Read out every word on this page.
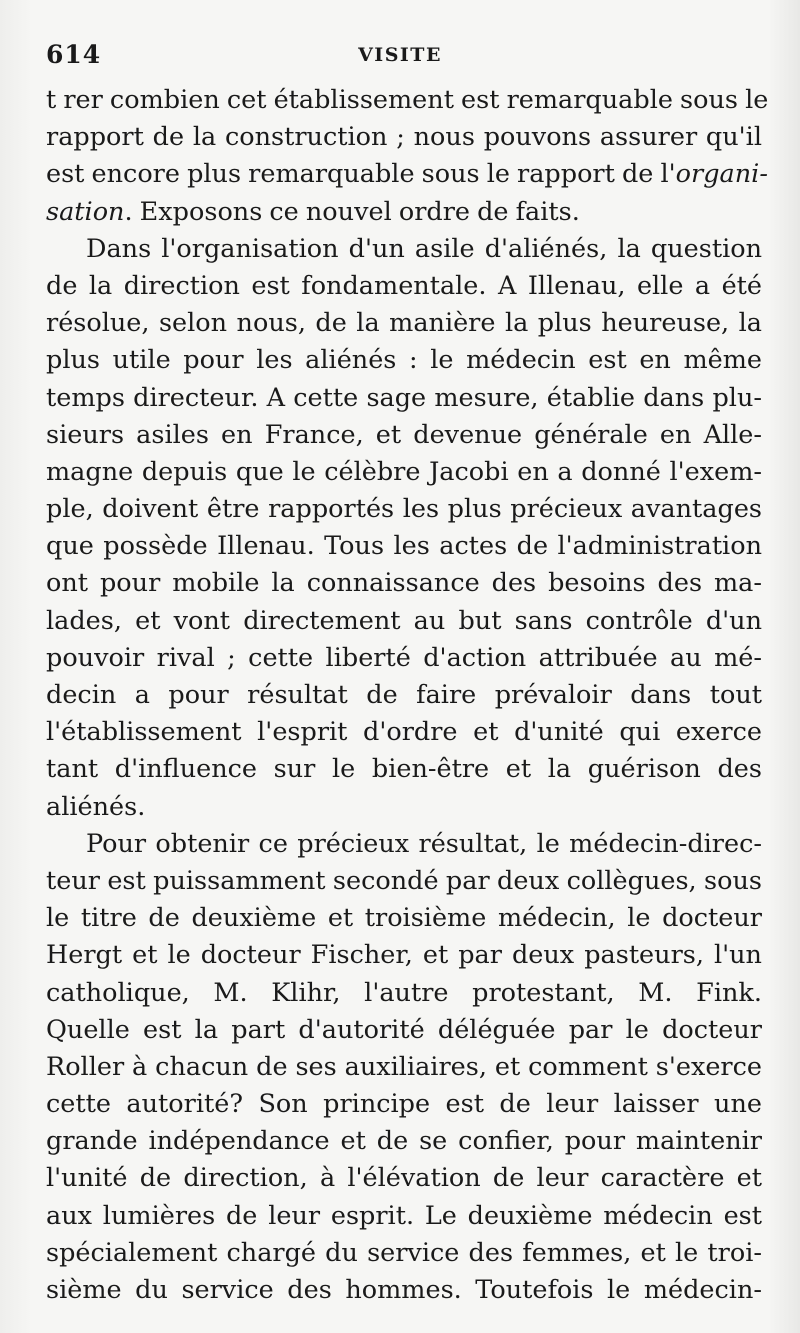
614	VISITE
t rer combien cet établissement est remarquable sous le
rapport de la construction ; nous pouvons assurer qu'il
est encore plus remarquable sous le rapport de l'organi-
sation. Exposons ce nouvel ordre de faits.
Dans l'organisation d'un asile d'aliénés, la question
de la direction est fondamentale. A Illenau, elle a été
résolue, selon nous, de la manière la plus heureuse, la
plus utile pour les aliénés : le médecin est en même
temps directeur. A cette sage mesure, établie dans plu-
sieurs asiles en France, et devenue générale en Alle-
magne depuis que le célèbre Jacobi en a donné l'exem-
ple, doivent être rapportés les plus précieux avantages
que possède Illenau. Tous les actes de l'administration
ont pour mobile la connaissance des besoins des ma-
lades, et vont directement au but sans contrôle d'un
pouvoir rival ; cette liberté d'action attribuée au mé-
decin a pour résultat de faire prévaloir dans tout
l'établissement l'esprit d'ordre et d'unité qui exerce
tant d'influence sur le bien-être et la guérison des
aliénés.
Pour obtenir ce précieux résultat, le médecin-direc-
teur est puissamment secondé par deux collègues, sous
le titre de deuxième et troisième médecin, le docteur
Hergt et le docteur Fischer, et par deux pasteurs, l'un
catholique, M. Klihr, l'autre protestant, M. Fink.
Quelle est la part d'autorité déléguée par le docteur
Roller à chacun de ses auxiliaires, et comment s'exerce
cette autorité? Son principe est de leur laisser une
grande indépendance et de se confier, pour maintenir
l'unité de direction, à l'élévation de leur caractère et
aux lumières de leur esprit. Le deuxième médecin est
spécialement chargé du service des femmes, et le troi-
sième du service des hommes. Toutefois le médecin-
